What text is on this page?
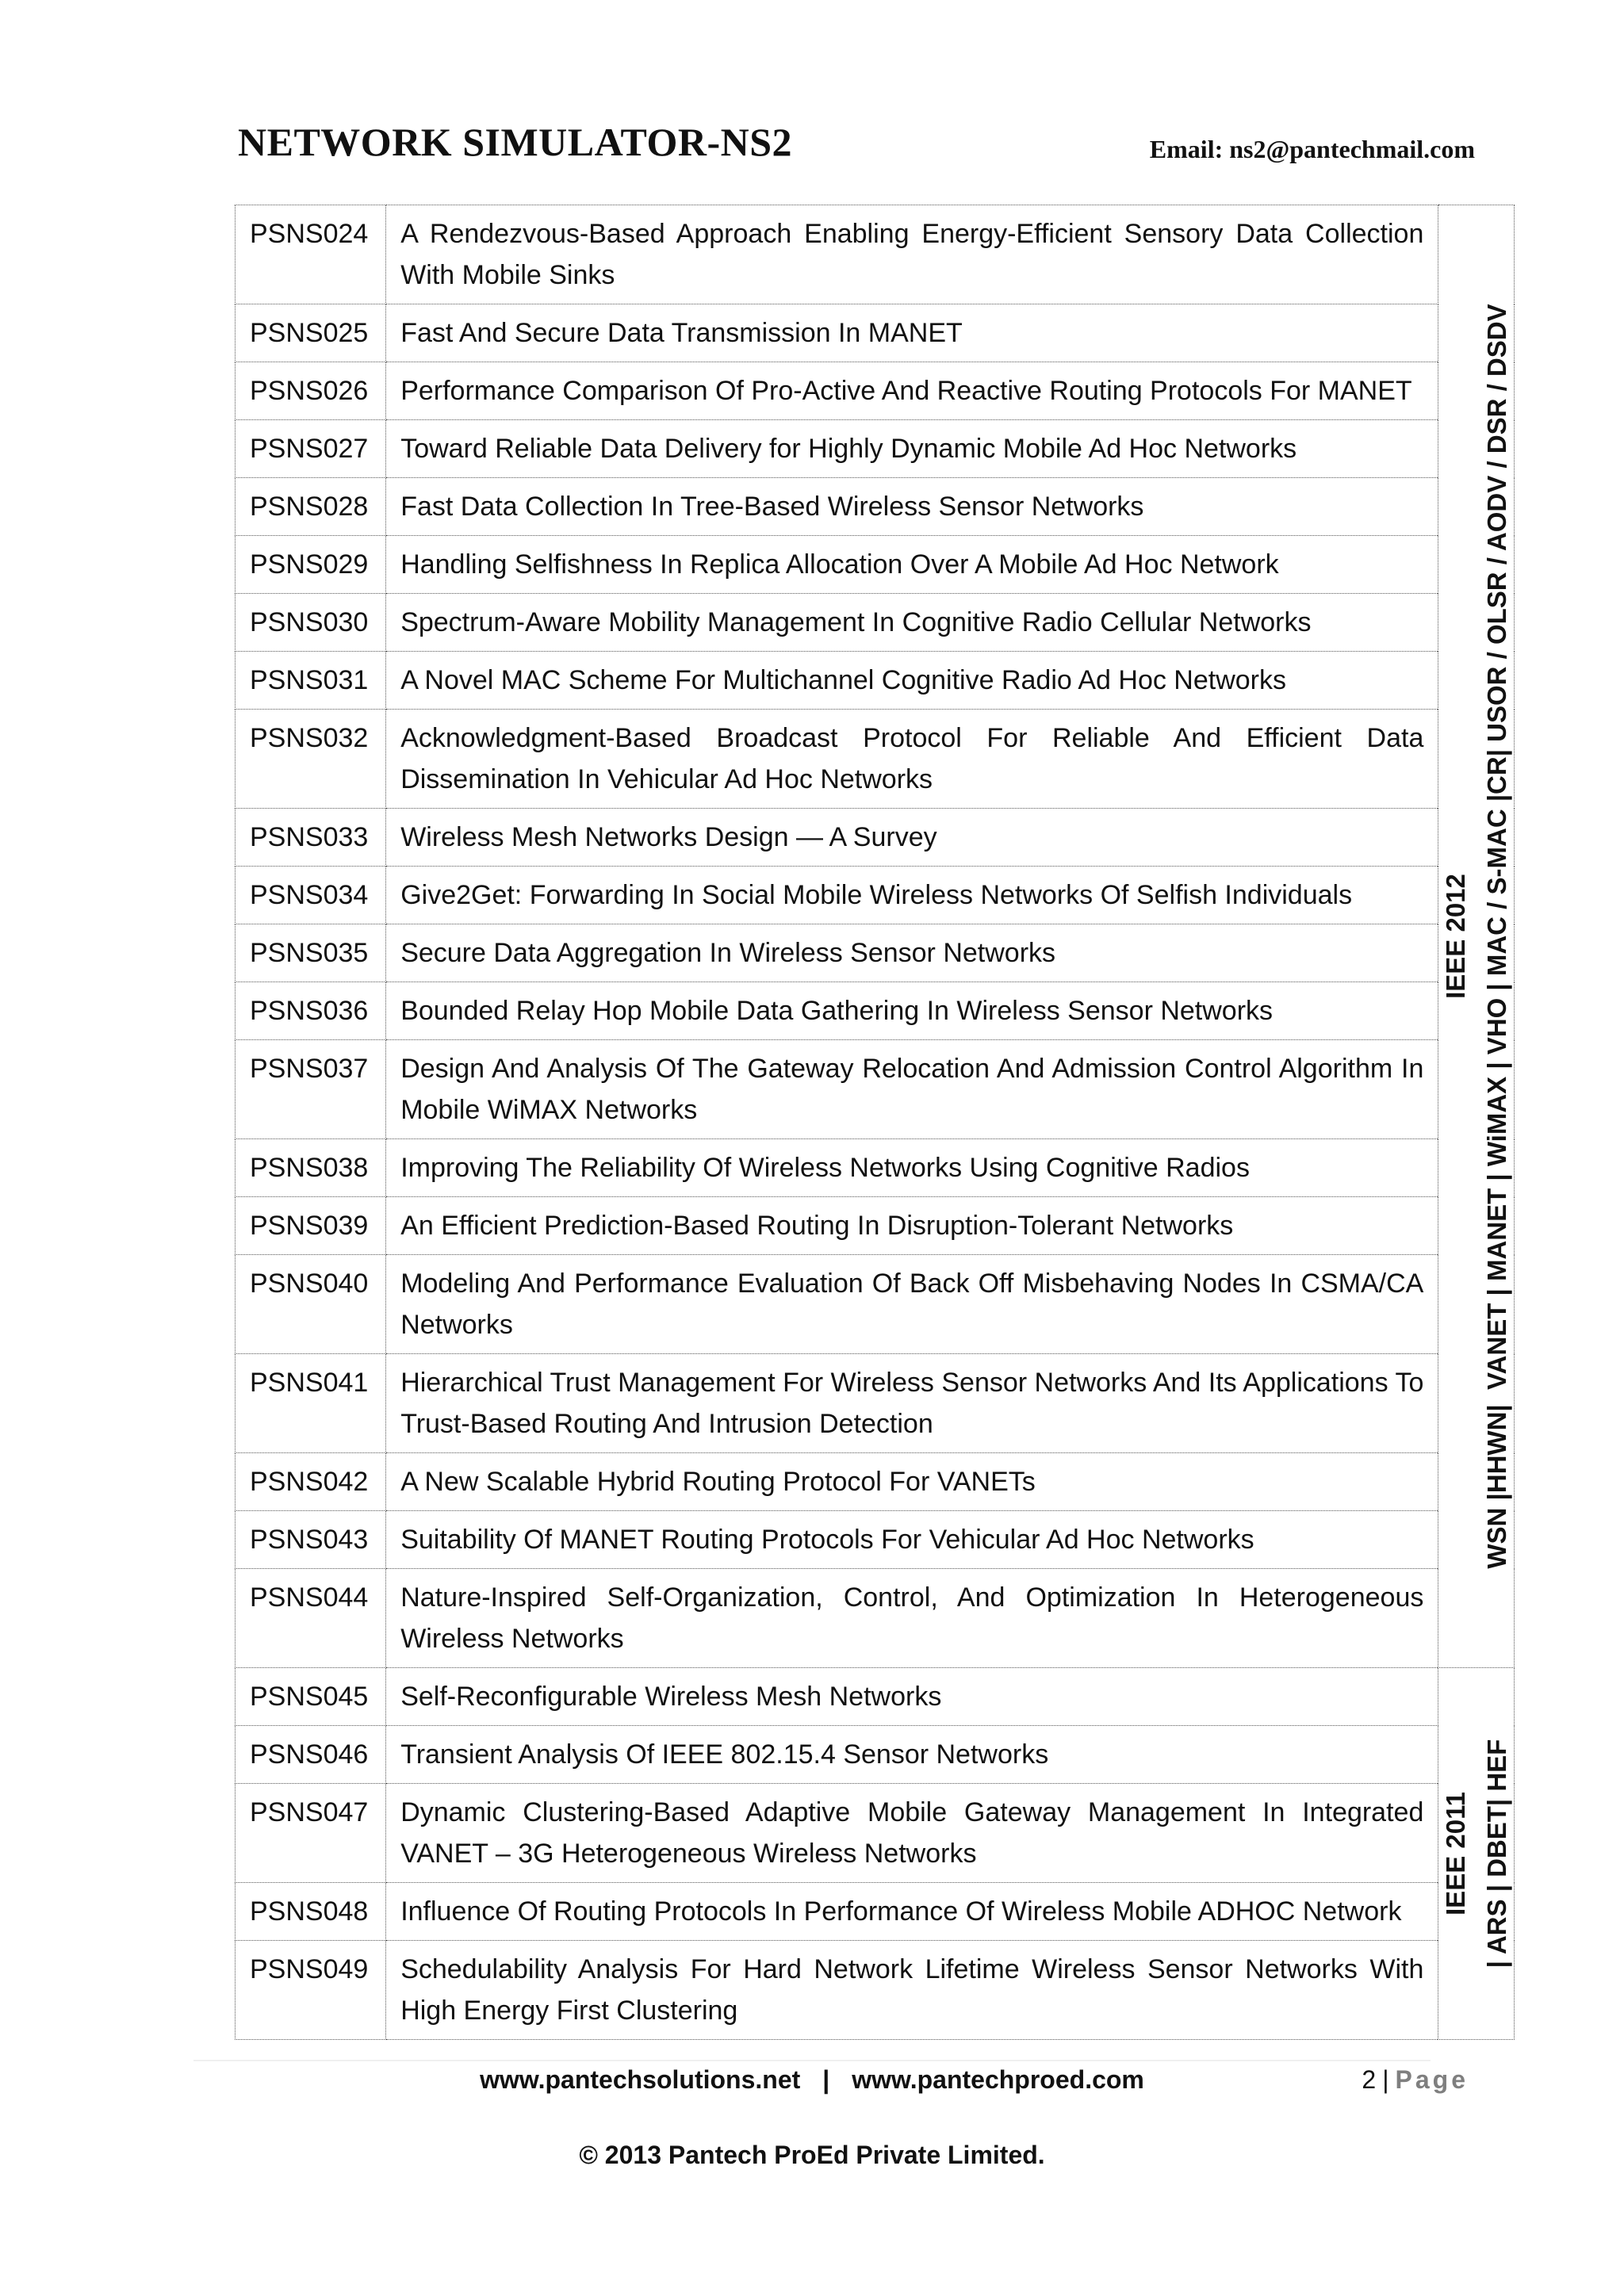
NETWORK SIMULATOR-NS2	Email: ns2@pantechmail.com
PSNS024	A Rendezvous-Based Approach Enabling Energy-Efficient Sensory Data Collection With Mobile Sinks	IEEE 2012 WSN |HHWN|  VANET | MANET | WiMAX | VHO | MAC / S-MAC |CR| USOR / OLSR / AODV / DSR / DSDV

PSNS025	Fast And Secure Data Transmission In MANET	
PSNS026	Performance Comparison Of Pro-Active And Reactive Routing Protocols For MANET	
PSNS027	Toward Reliable Data Delivery for Highly Dynamic Mobile Ad Hoc Networks	
PSNS028	Fast Data Collection In Tree-Based Wireless Sensor Networks	
PSNS029	Handling Selfishness In Replica Allocation Over A Mobile Ad Hoc Network	
PSNS030	Spectrum-Aware Mobility Management In Cognitive Radio Cellular Networks	
PSNS031	A Novel MAC Scheme For Multichannel Cognitive Radio Ad Hoc Networks	
PSNS032	Acknowledgment-Based Broadcast Protocol For Reliable And Efficient Data Dissemination In Vehicular Ad Hoc Networks	
PSNS033	Wireless Mesh Networks Design — A Survey	
PSNS034	Give2Get: Forwarding In Social Mobile Wireless Networks Of Selfish Individuals	
PSNS035	Secure Data Aggregation In Wireless Sensor Networks	
PSNS036	Bounded Relay Hop Mobile Data Gathering In Wireless Sensor Networks	
PSNS037	Design And Analysis Of The Gateway Relocation And Admission Control Algorithm In Mobile WiMAX Networks	
PSNS038	Improving The Reliability Of Wireless Networks Using Cognitive Radios	
PSNS039	An Efficient Prediction-Based Routing In Disruption-Tolerant Networks	
PSNS040	Modeling And Performance Evaluation Of Back Off Misbehaving Nodes In CSMA/CA Networks	
PSNS041	Hierarchical Trust Management For Wireless Sensor Networks And Its Applications To Trust-Based Routing And Intrusion Detection	
PSNS042	A New Scalable Hybrid Routing Protocol For VANETs	
PSNS043	Suitability Of MANET Routing Protocols For Vehicular Ad Hoc Networks	
PSNS044	Nature-Inspired Self-Organization, Control, And Optimization In Heterogeneous Wireless Networks	
PSNS045	Self-Reconfigurable Wireless Mesh Networks	IEEE 2011 | ARS | DBET| HEF

PSNS046	Transient Analysis Of IEEE 802.15.4 Sensor Networks	
PSNS047	Dynamic Clustering-Based Adaptive Mobile Gateway Management In Integrated VANET – 3G Heterogeneous Wireless Networks	
PSNS048	Influence Of Routing Protocols In Performance Of Wireless Mobile ADHOC Network	
PSNS049	Schedulability Analysis For Hard Network Lifetime Wireless Sensor Networks With High Energy First Clustering	
www.pantechsolutions.net | www.pantechproed.com	2 | Page
© 2013 Pantech ProEd Private Limited.
